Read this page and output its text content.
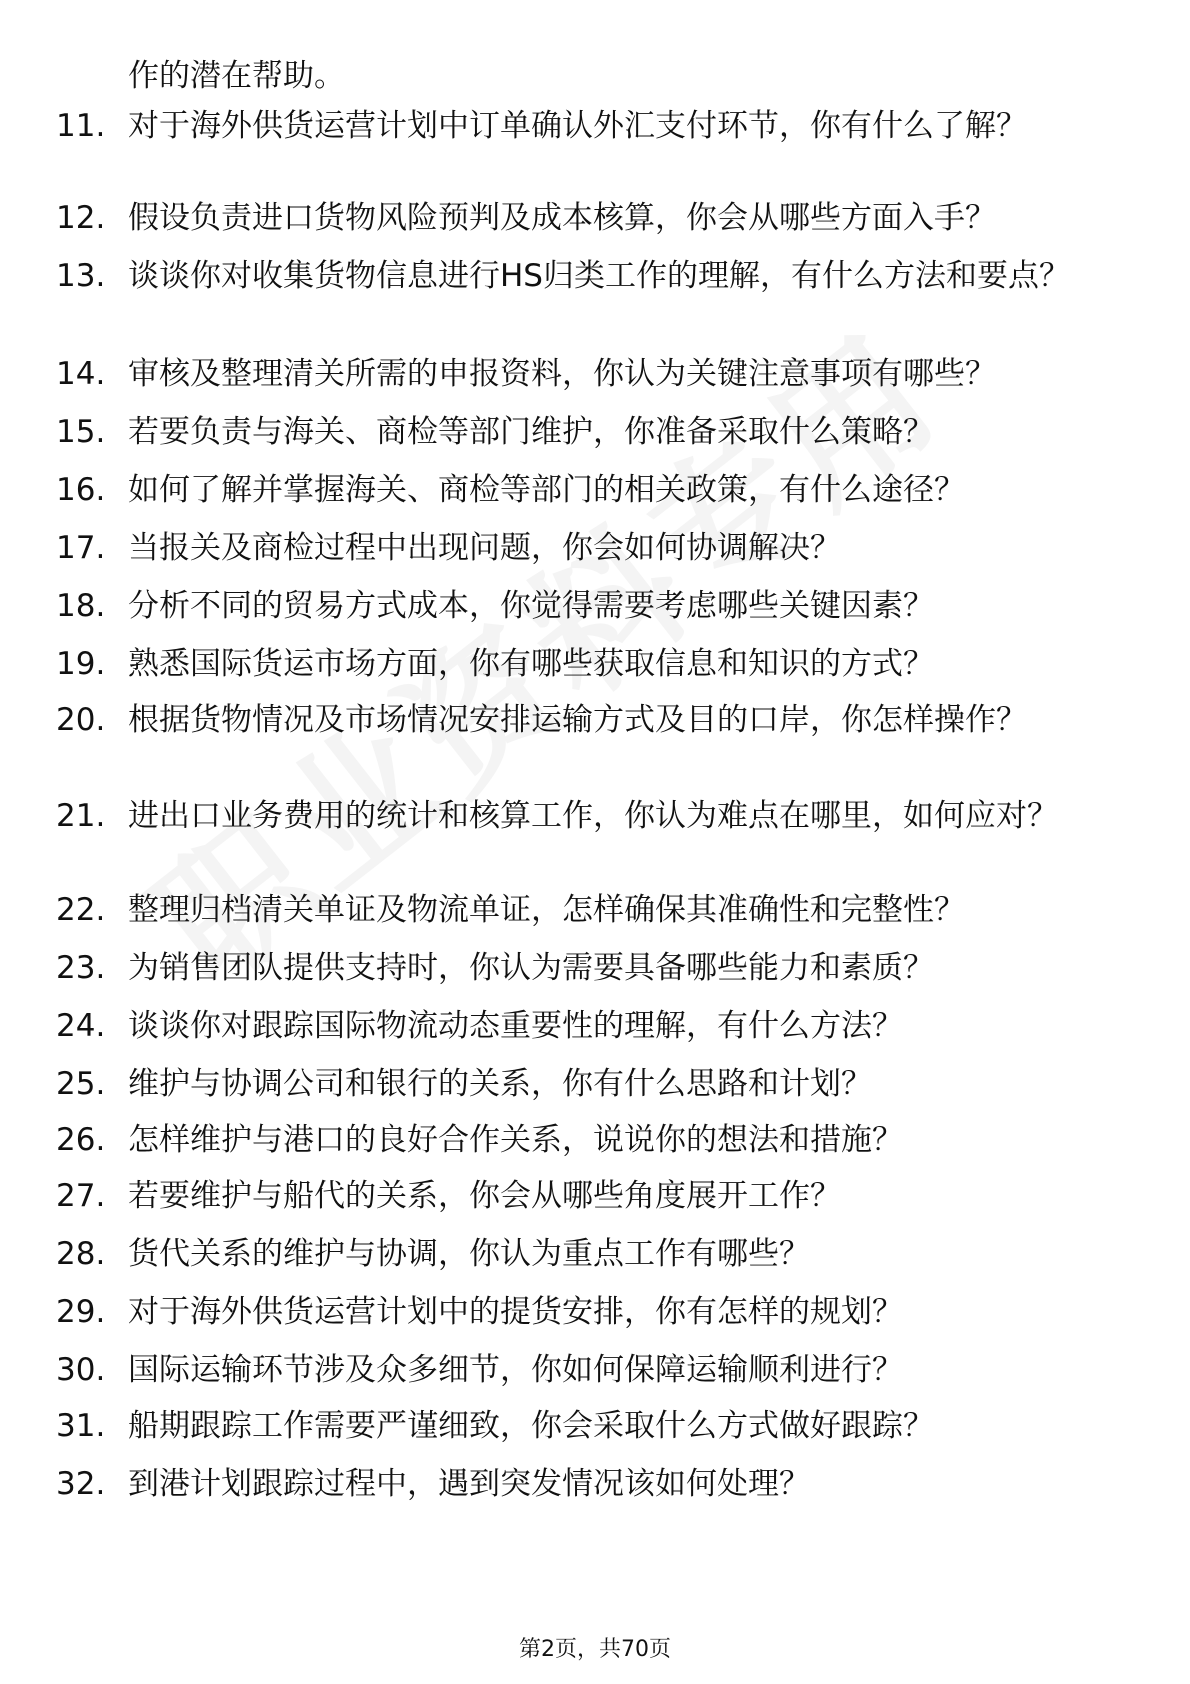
作的潜在帮助。
11. 对于海外供货运营计划中订单确认外汇支付环节，你有什么了解？
12. 假设负责进口货物风险预判及成本核算，你会从哪些方面入手？
13. 谈谈你对收集货物信息进行HS归类工作的理解，有什么方法和要点？
14. 审核及整理清关所需的申报资料，你认为关键注意事项有哪些？
15. 若要负责与海关、商检等部门维护，你准备采取什么策略？
16. 如何了解并掌握海关、商检等部门的相关政策，有什么途径？
17. 当报关及商检过程中出现问题，你会如何协调解决？
18. 分析不同的贸易方式成本，你觉得需要考虑哪些关键因素？
19. 熟悉国际货运市场方面，你有哪些获取信息和知识的方式？
20. 根据货物情况及市场情况安排运输方式及目的口岸，你怎样操作？
21. 进出口业务费用的统计和核算工作，你认为难点在哪里，如何应对？
22. 整理归档清关单证及物流单证，怎样确保其准确性和完整性？
23. 为销售团队提供支持时，你认为需要具备哪些能力和素质？
24. 谈谈你对跟踪国际物流动态重要性的理解，有什么方法？
25. 维护与协调公司和银行的关系，你有什么思路和计划？
26. 怎样维护与港口的良好合作关系，说说你的想法和措施？
27. 若要维护与船代的关系，你会从哪些角度展开工作？
28. 货代关系的维护与协调，你认为重点工作有哪些？
29. 对于海外供货运营计划中的提货安排，你有怎样的规划？
30. 国际运输环节涉及众多细节，你如何保障运输顺利进行？
31. 船期跟踪工作需要严谨细致，你会采取什么方式做好跟踪？
32. 到港计划跟踪过程中，遇到突发情况该如何处理？
第2页，共70页
